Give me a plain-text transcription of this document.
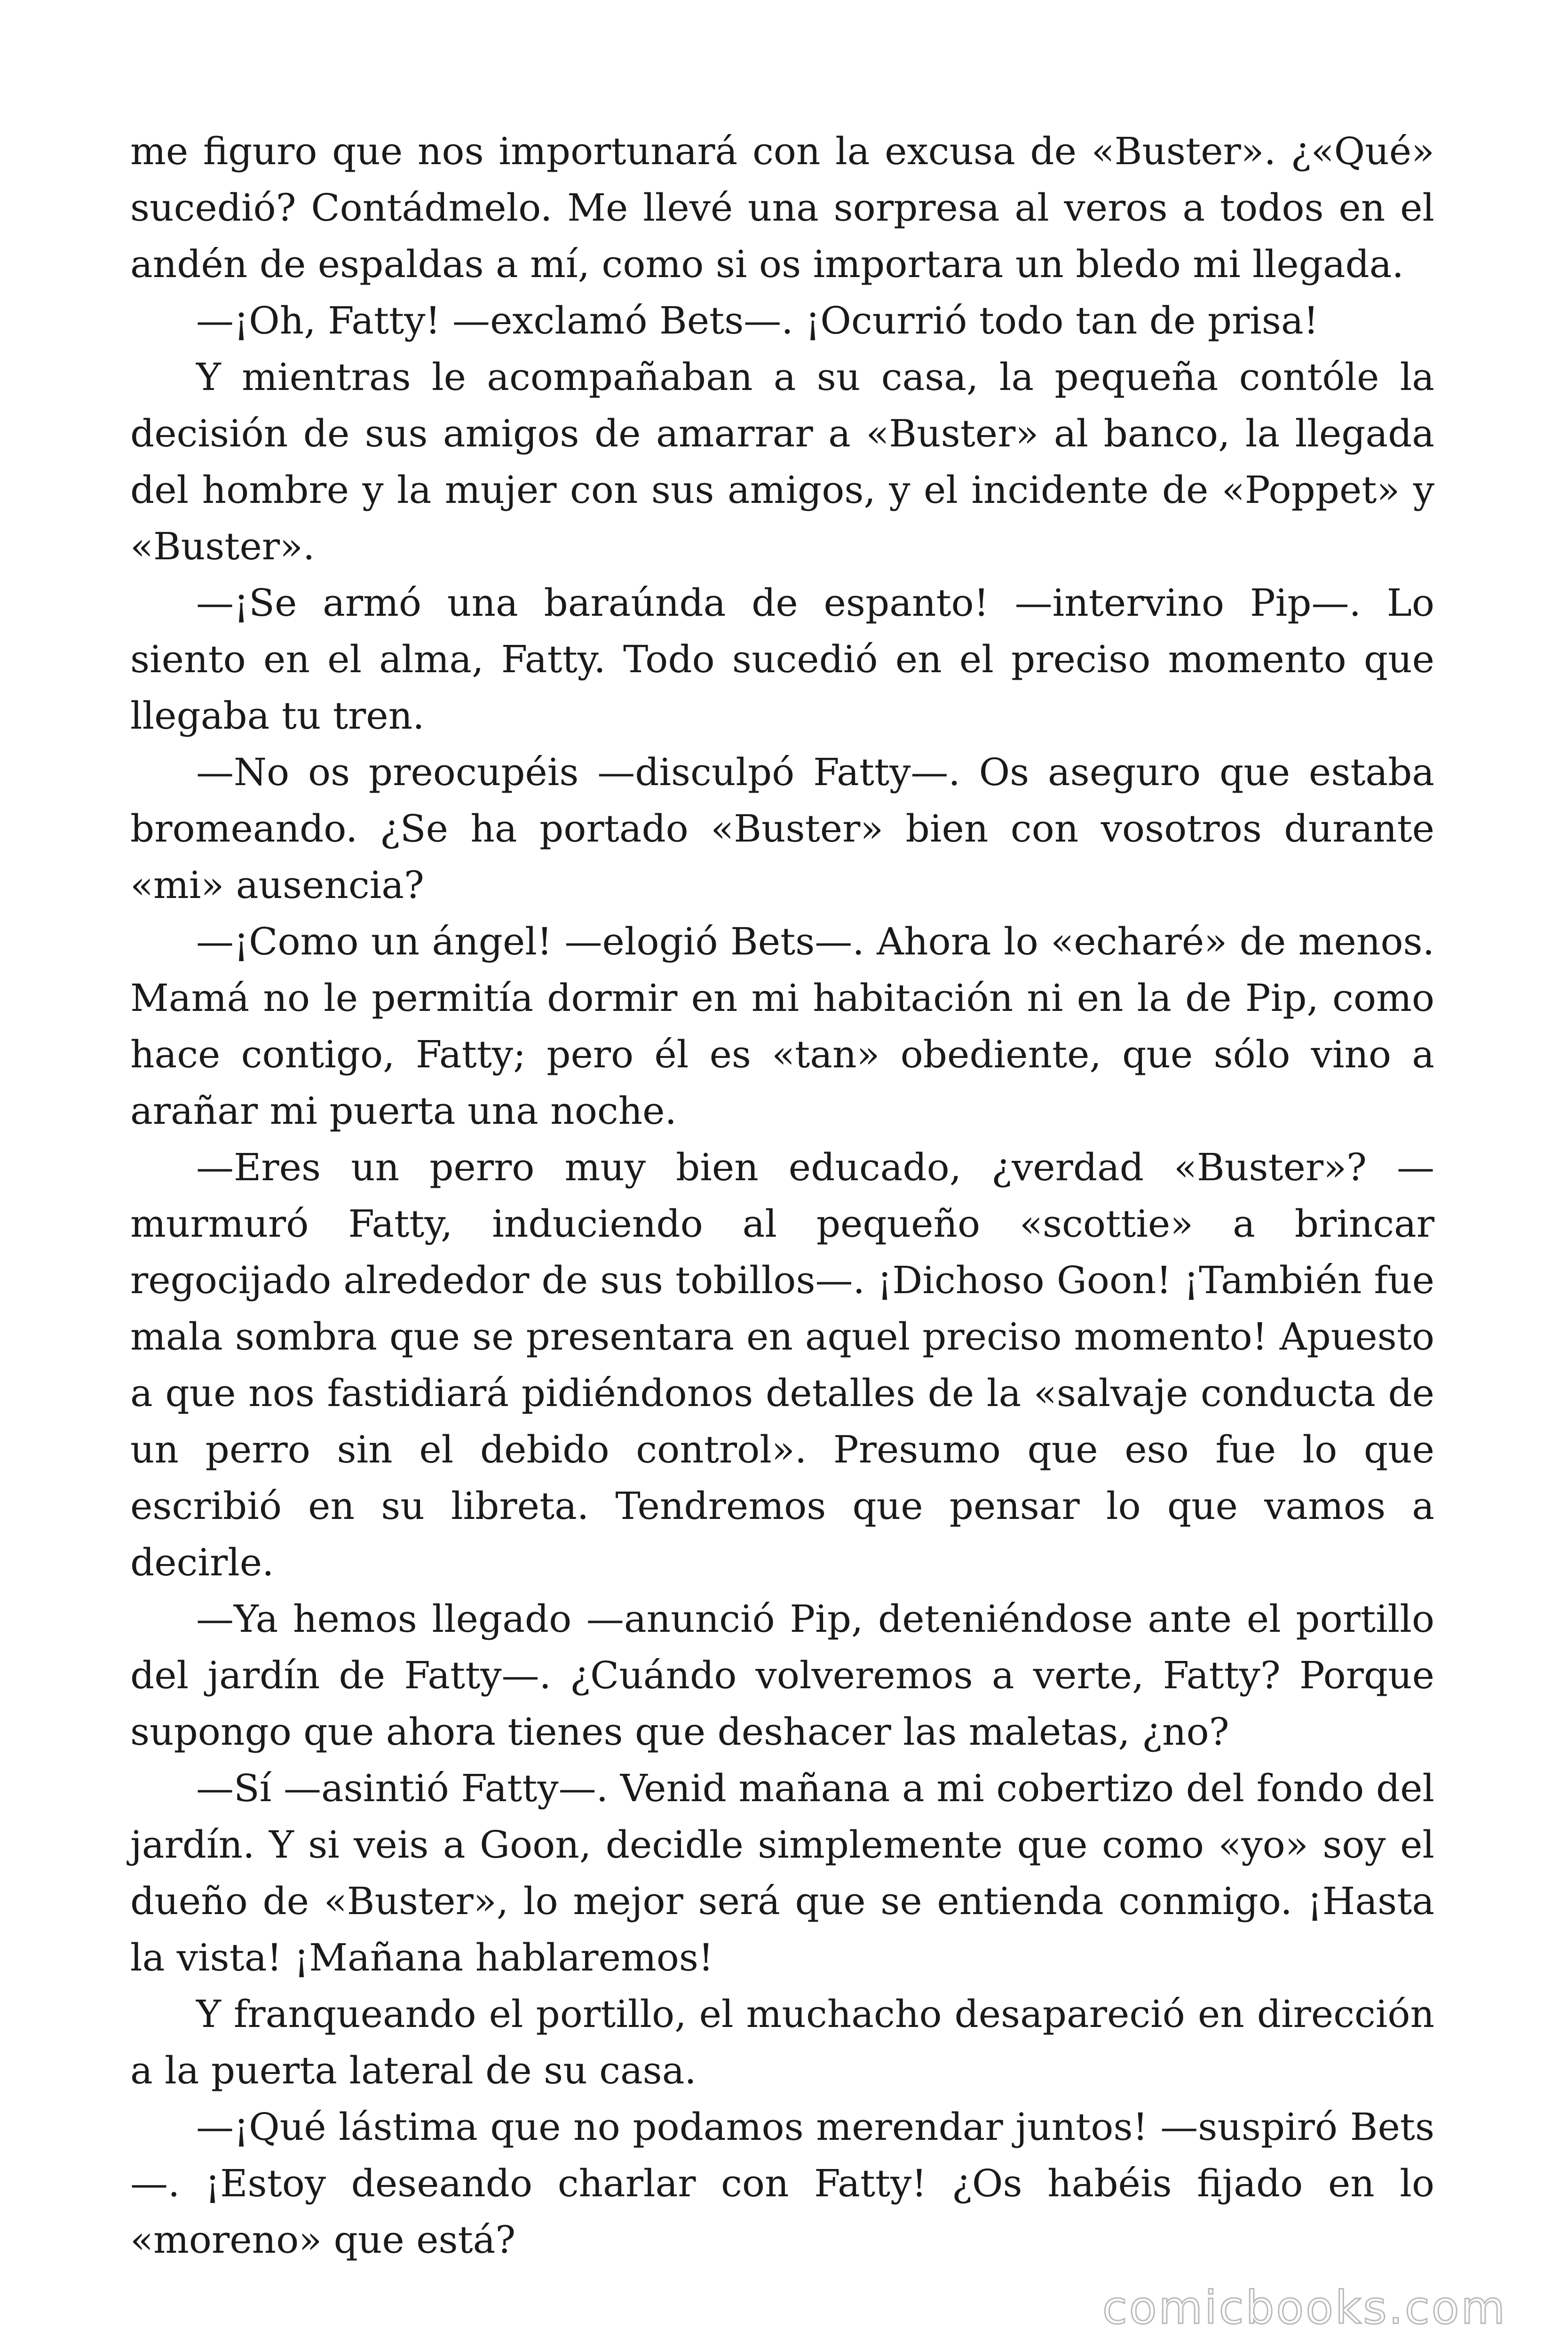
me figuro que nos importunará con la excusa de «Buster». ¿«Qué» sucedió? Contádmelo. Me llevé una sorpresa al veros a todos en el andén de espaldas a mí, como si os importara un bledo mi llegada.

—¡Oh, Fatty! —exclamó Bets—. ¡Ocurrió todo tan de prisa!

Y mientras le acompañaban a su casa, la pequeña contóle la decisión de sus amigos de amarrar a «Buster» al banco, la llegada del hombre y la mujer con sus amigos, y el incidente de «Poppet» y «Buster».

—¡Se armó una baraúnda de espanto! —intervino Pip—. Lo siento en el alma, Fatty. Todo sucedió en el preciso momento que llegaba tu tren.

—No os preocupéis —disculpó Fatty—. Os aseguro que estaba bromeando. ¿Se ha portado «Buster» bien con vosotros durante «mi» ausencia?

—¡Como un ángel! —elogió Bets—. Ahora lo «echaré» de menos. Mamá no le permitía dormir en mi habitación ni en la de Pip, como hace contigo, Fatty; pero él es «tan» obediente, que sólo vino a arañar mi puerta una noche.

—Eres un perro muy bien educado, ¿verdad «Buster»? —murmuró Fatty, induciendo al pequeño «scottie» a brincar regocijado alrededor de sus tobillos—. ¡Dichoso Goon! ¡También fue mala sombra que se presentara en aquel preciso momento! Apuesto a que nos fastidiará pidiéndonos detalles de la «salvaje conducta de un perro sin el debido control». Presumo que eso fue lo que escribió en su libreta. Tendremos que pensar lo que vamos a decirle.

—Ya hemos llegado —anunció Pip, deteniéndose ante el portillo del jardín de Fatty—. ¿Cuándo volveremos a verte, Fatty? Porque supongo que ahora tienes que deshacer las maletas, ¿no?

—Sí —asintió Fatty—. Venid mañana a mi cobertizo del fondo del jardín. Y si veis a Goon, decidle simplemente que como «yo» soy el dueño de «Buster», lo mejor será que se entienda conmigo. ¡Hasta la vista! ¡Mañana hablaremos!

Y franqueando el portillo, el muchacho desapareció en dirección a la puerta lateral de su casa.

—¡Qué lástima que no podamos merendar juntos! —suspiró Bets—. ¡Estoy deseando charlar con Fatty! ¿Os habéis fijado en lo «moreno» que está?

comicbooks.com
